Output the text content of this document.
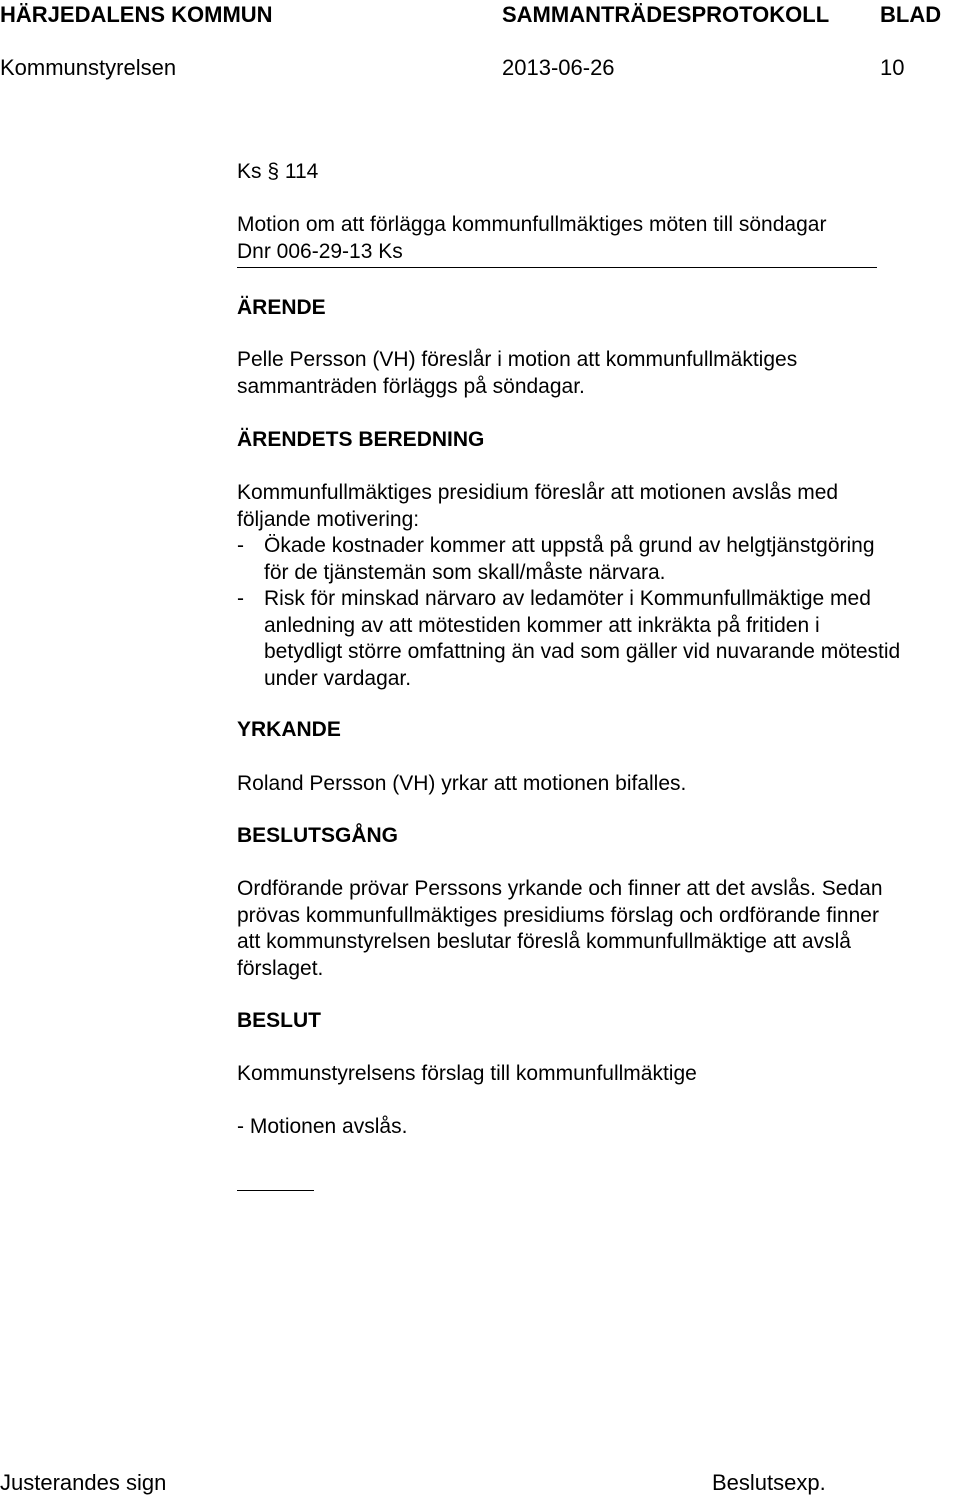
HÄRJEDALENS KOMMUN	SAMMANTRÄDESPROTOKOLL BLAD
Kommunstyrelsen	2013-06-26	10
Ks § 114
Motion om att förlägga kommunfullmäktiges möten till söndagar
Dnr 006-29-13 Ks
ÄRENDE
Pelle Persson (VH) föreslår i motion att kommunfullmäktiges
sammanträden förläggs på söndagar.
ÄRENDETS BEREDNING
Kommunfullmäktiges presidium föreslår att motionen avslås med
följande motivering:
- Ökade kostnader kommer att uppstå på grund av helgtjänstgöring
för de tjänstemän som skall/måste närvara.
- Risk för minskad närvaro av ledamöter i Kommunfullmäktige med
anledning av att mötestiden kommer att inkräkta på fritiden i
betydligt större omfattning än vad som gäller vid nuvarande mötestid
under vardagar.
YRKANDE
Roland Persson (VH) yrkar att motionen bifalles.
BESLUTSGÅNG
Ordförande prövar Perssons yrkande och finner att det avslås. Sedan
prövas kommunfullmäktiges presidiums förslag och ordförande finner
att kommunstyrelsen beslutar föreslå kommunfullmäktige att avslå
förslaget.
BESLUT
Kommunstyrelsens förslag till kommunfullmäktige
- Motionen avslås.
Justerandes sign	Beslutsexp.
